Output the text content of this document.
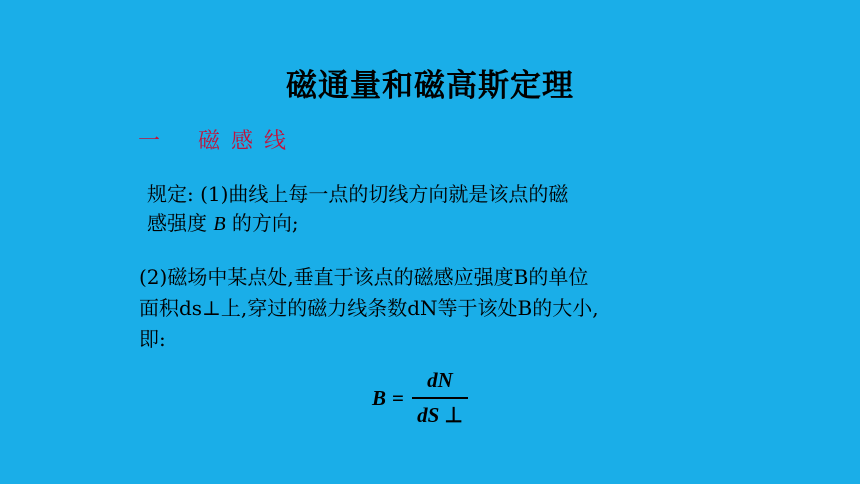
磁通量和磁高斯定理
一    磁 感 线
规定: (1)曲线上每一点的切线方向就是该点的磁
感强度 B 的方向;
(2)磁场中某点处,垂直于该点的磁感应强度B的单位
面积ds⊥上,穿过的磁力线条数dN等于该处B的大小,
即:
$B = \frac{dN}{dS \perp}$
